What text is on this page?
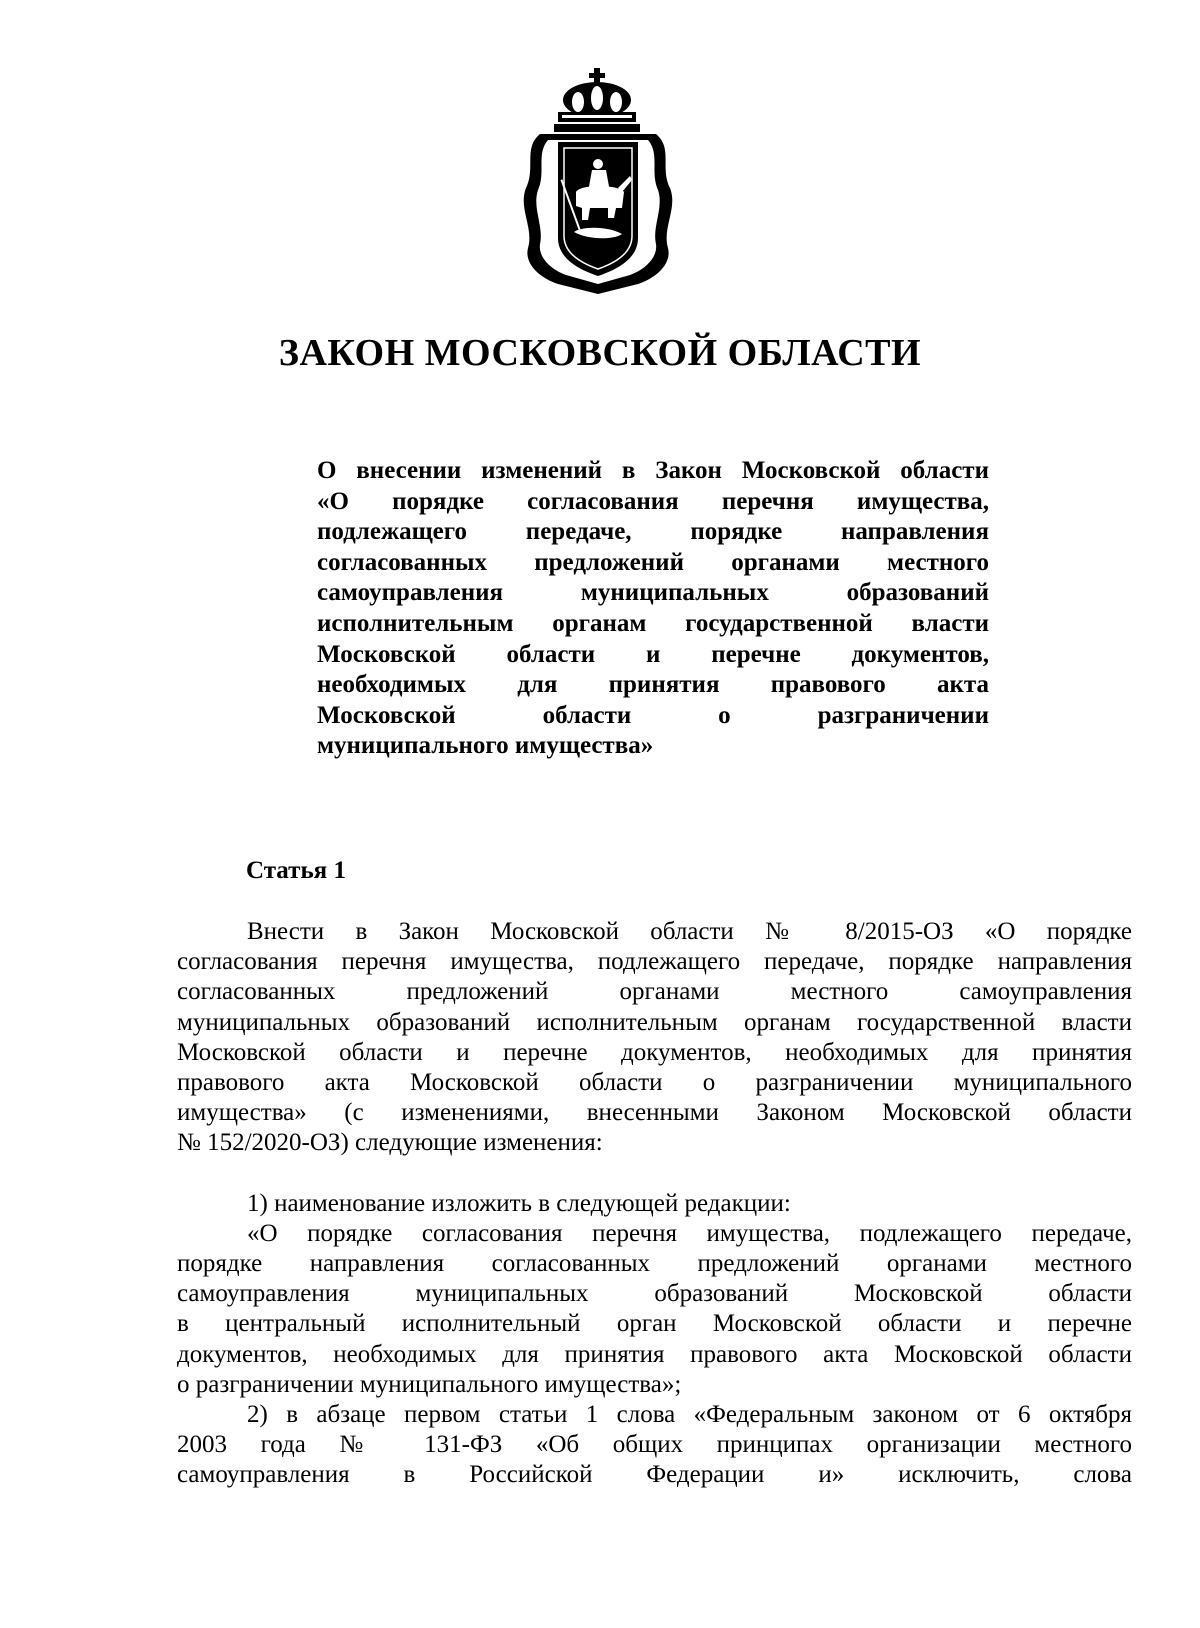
ЗАКОН МОСКОВСКОЙ ОБЛАСТИ
О внесении изменений в Закон Московской области
«О порядке согласования перечня имущества,
подлежащего передаче, порядке направления
согласованных предложений органами местного
самоуправления муниципальных образований
исполнительным органам государственной власти
Московской области и перечне документов,
необходимых для принятия правового акта
Московской области о разграничении
муниципального имущества»
Статья 1
Внести в Закон Московской области № 8/2015-ОЗ «О порядке
согласования перечня имущества, подлежащего передаче, порядке направления
согласованных предложений органами местного самоуправления
муниципальных образований исполнительным органам государственной власти
Московской области и перечне документов, необходимых для принятия
правового акта Московской области о разграничении муниципального
имущества» (с изменениями, внесенными Законом Московской области
№ 152/2020-ОЗ) следующие изменения:
1) наименование изложить в следующей редакции:
«О порядке согласования перечня имущества, подлежащего передаче,
порядке направления согласованных предложений органами местного
самоуправления муниципальных образований Московской области
в центральный исполнительный орган Московской области и перечне
документов, необходимых для принятия правового акта Московской области
о разграничении муниципального имущества»;
2) в абзаце первом статьи 1 слова «Федеральным законом от 6 октября
2003 года № 131-ФЗ «Об общих принципах организации местного
самоуправления в Российской Федерации и» исключить, слова
